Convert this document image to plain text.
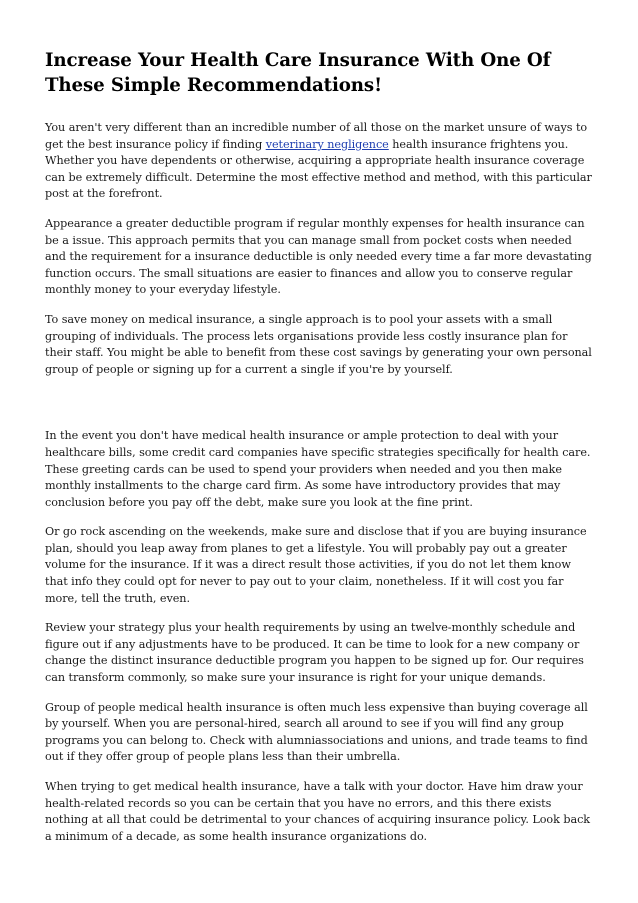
Increase Your Health Care Insurance With One Of These Simple Recommendations!

You aren't very different than an incredible number of all those on the market unsure of ways to get the best insurance policy if finding veterinary negligence health insurance frightens you. Whether you have dependents or otherwise, acquiring a appropriate health insurance coverage can be extremely difficult. Determine the most effective method and method, with this particular post at the forefront.

Appearance a greater deductible program if regular monthly expenses for health insurance can be a issue. This approach permits that you can manage small from pocket costs when needed and the requirement for a insurance deductible is only needed every time a far more devastating function occurs. The small situations are easier to finances and allow you to conserve regular monthly money to your everyday lifestyle.

To save money on medical insurance, a single approach is to pool your assets with a small grouping of individuals. The process lets organisations provide less costly insurance plan for their staff. You might be able to benefit from these cost savings by generating your own personal group of people or signing up for a current a single if you're by yourself.

In the event you don't have medical health insurance or ample protection to deal with your healthcare bills, some credit card companies have specific strategies specifically for health care. These greeting cards can be used to spend your providers when needed and you then make monthly installments to the charge card firm. As some have introductory provides that may conclusion before you pay off the debt, make sure you look at the fine print.

Or go rock ascending on the weekends, make sure and disclose that if you are buying insurance plan, should you leap away from planes to get a lifestyle. You will probably pay out a greater volume for the insurance. If it was a direct result those activities, if you do not let them know that info they could opt for never to pay out to your claim, nonetheless. If it will cost you far more, tell the truth, even.

Review your strategy plus your health requirements by using an twelve-monthly schedule and figure out if any adjustments have to be produced. It can be time to look for a new company or change the distinct insurance deductible program you happen to be signed up for. Our requires can transform commonly, so make sure your insurance is right for your unique demands.

Group of people medical health insurance is often much less expensive than buying coverage all by yourself. When you are personal-hired, search all around to see if you will find any group programs you can belong to. Check with alumniassociations and unions, and trade teams to find out if they offer group of people plans less than their umbrella.

When trying to get medical health insurance, have a talk with your doctor. Have him draw your health-related records so you can be certain that you have no errors, and this there exists nothing at all that could be detrimental to your chances of acquiring insurance policy. Look back a minimum of a decade, as some health insurance organizations do.
